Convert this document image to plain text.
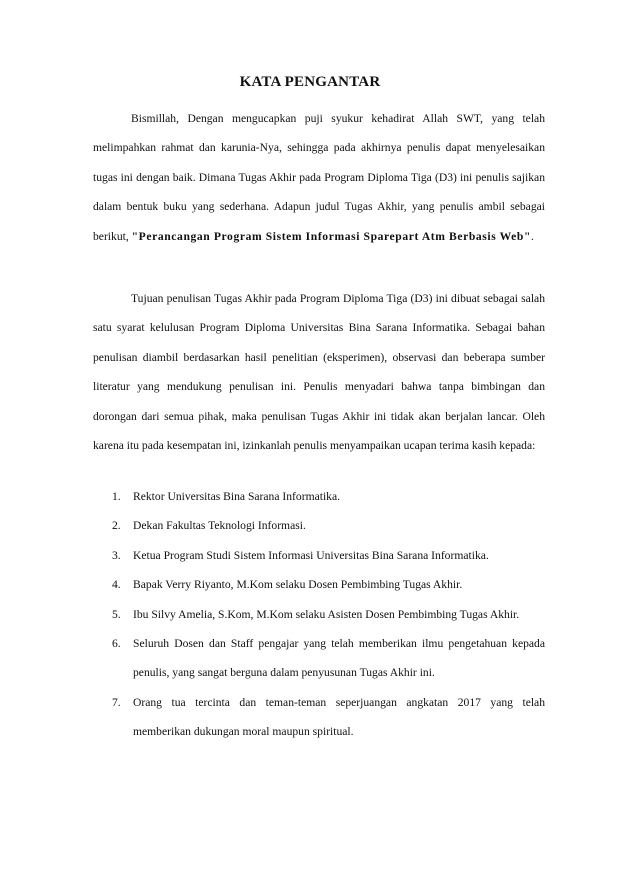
KATA PENGANTAR

Bismillah, Dengan mengucapkan puji syukur kehadirat Allah SWT, yang telah melimpahkan rahmat dan karunia-Nya, sehingga pada akhirnya penulis dapat menyelesaikan tugas ini dengan baik. Dimana Tugas Akhir pada Program Diploma Tiga (D3) ini penulis sajikan dalam bentuk buku yang sederhana. Adapun judul Tugas Akhir, yang penulis ambil sebagai berikut, "Perancangan Program Sistem Informasi Sparepart Atm Berbasis Web".

Tujuan penulisan Tugas Akhir pada Program Diploma Tiga (D3) ini dibuat sebagai salah satu syarat kelulusan Program Diploma Universitas Bina Sarana Informatika. Sebagai bahan penulisan diambil berdasarkan hasil penelitian (eksperimen), observasi dan beberapa sumber literatur yang mendukung penulisan ini. Penulis menyadari bahwa tanpa bimbingan dan dorongan dari semua pihak, maka penulisan Tugas Akhir ini tidak akan berjalan lancar. Oleh karena itu pada kesempatan ini, izinkanlah penulis menyampaikan ucapan terima kasih kepada:

1. Rektor Universitas Bina Sarana Informatika.
2. Dekan Fakultas Teknologi Informasi.
3. Ketua Program Studi Sistem Informasi Universitas Bina Sarana Informatika.
4. Bapak Verry Riyanto, M.Kom selaku Dosen Pembimbing Tugas Akhir.
5. Ibu Silvy Amelia, S.Kom, M.Kom selaku Asisten Dosen Pembimbing Tugas Akhir.
6. Seluruh Dosen dan Staff pengajar yang telah memberikan ilmu pengetahuan kepada penulis, yang sangat berguna dalam penyusunan Tugas Akhir ini.
7. Orang tua tercinta dan teman-teman seperjuangan angkatan 2017 yang telah memberikan dukungan moral maupun spiritual.
